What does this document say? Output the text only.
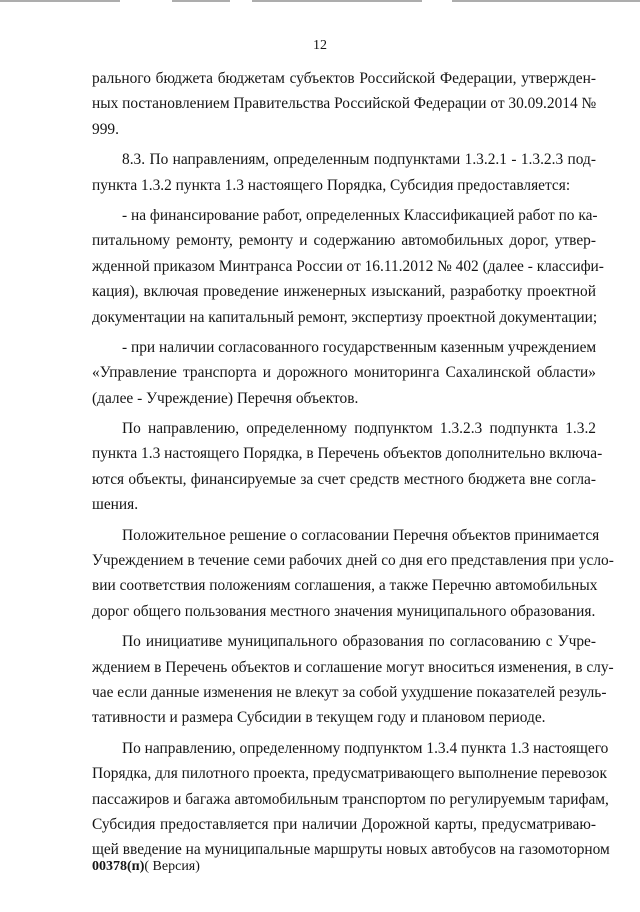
12
рального бюджета бюджетам субъектов Российской Федерации, утвержден-
ных постановлением Правительства Российской Федерации от 30.09.2014 №
999.
8.3. По направлениям, определенным подпунктами 1.3.2.1 - 1.3.2.3 под-
пункта 1.3.2 пункта 1.3 настоящего Порядка, Субсидия предоставляется:
- на финансирование работ, определенных Классификацией работ по ка-
питальному ремонту, ремонту и содержанию автомобильных дорог, утвер-
жденной приказом Минтранса России от 16.11.2012 № 402 (далее - классифи-
кация), включая проведение инженерных изысканий, разработку проектной
документации на капитальный ремонт, экспертизу проектной документации;
- при наличии согласованного государственным казенным учреждением
«Управление транспорта и дорожного мониторинга Сахалинской области»
(далее - Учреждение) Перечня объектов.
По направлению, определенному подпунктом 1.3.2.3 подпункта 1.3.2
пункта 1.3 настоящего Порядка, в Перечень объектов дополнительно включа-
ются объекты, финансируемые за счет средств местного бюджета вне согла-
шения.
Положительное решение о согласовании Перечня объектов принимается
Учреждением в течение семи рабочих дней со дня его представления при усло-
вии соответствия положениям соглашения, а также Перечню автомобильных
дорог общего пользования местного значения муниципального образования.
По инициативе муниципального образования по согласованию с Учре-
ждением в Перечень объектов и соглашение могут вноситься изменения, в слу-
чае если данные изменения не влекут за собой ухудшение показателей резуль-
тативности и размера Субсидии в текущем году и плановом периоде.
По направлению, определенному подпунктом 1.3.4 пункта 1.3 настоящего
Порядка, для пилотного проекта, предусматривающего выполнение перевозок
пассажиров и багажа автомобильным транспортом по регулируемым тарифам,
Субсидия предоставляется при наличии Дорожной карты, предусматриваю-
щей введение на муниципальные маршруты новых автобусов на газомоторном
00378(п)( Версия)
